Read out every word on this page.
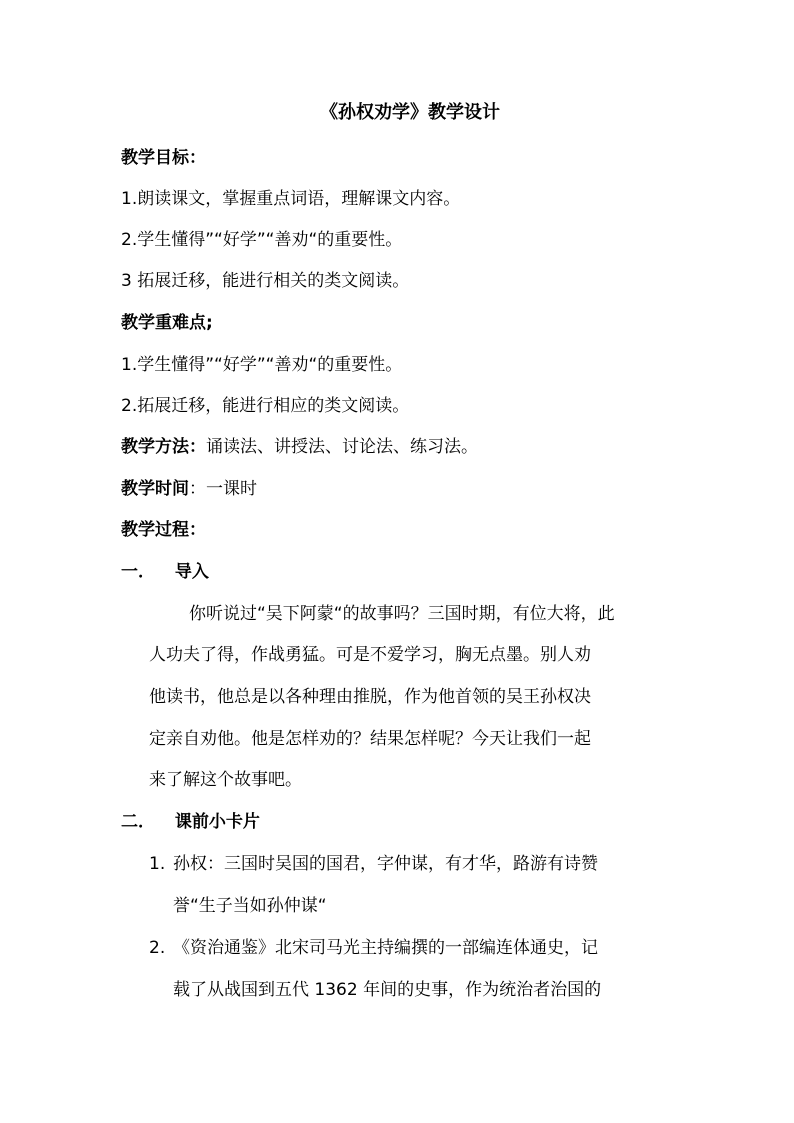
《孙权劝学》教学设计
教学目标：
1.朗读课文，掌握重点词语，理解课文内容。
2.学生懂得”“好学”“善劝“的重要性。
3 拓展迁移，能进行相关的类文阅读。
教学重难点;
1.学生懂得”“好学”“善劝“的重要性。
2.拓展迁移，能进行相应的类文阅读。
教学方法：诵读法、讲授法、讨论法、练习法。
教学时间：一课时
教学过程：
一． 导入
你听说过“吴下阿蒙“的故事吗？三国时期，有位大将，此
人功夫了得，作战勇猛。可是不爱学习，胸无点墨。别人劝
他读书，他总是以各种理由推脱，作为他首领的吴王孙权决
定亲自劝他。他是怎样劝的？结果怎样呢？今天让我们一起
来了解这个故事吧。
二． 课前小卡片
1. 孙权：三国时吴国的国君，字仲谋，有才华，路游有诗赞
誉“生子当如孙仲谋“
2. 《资治通鉴》北宋司马光主持编撰的一部编连体通史，记
载了从战国到五代 1362 年间的史事，作为统治者治国的
